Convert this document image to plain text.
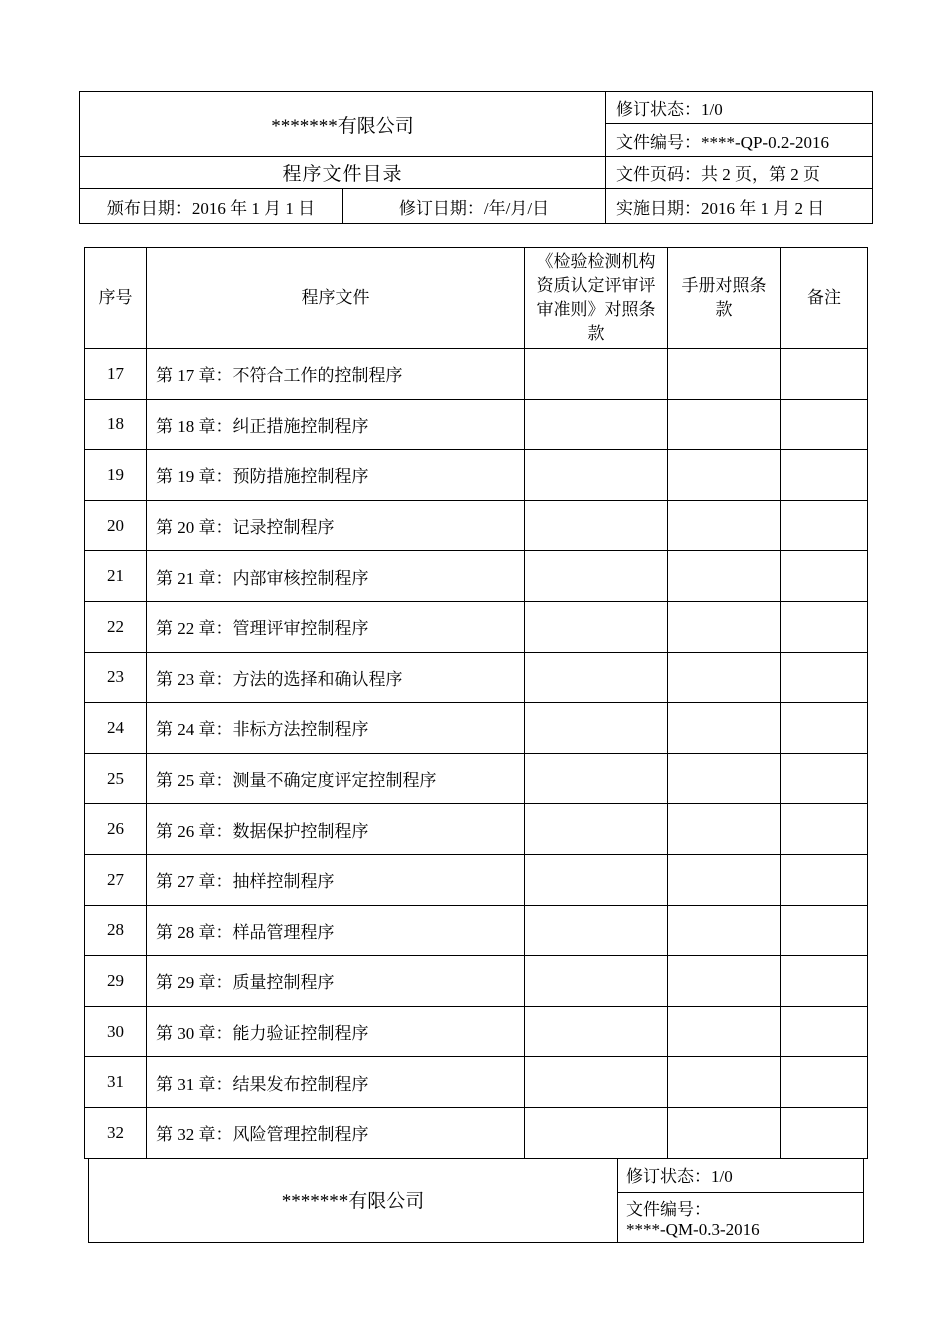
*******有限公司		修订状态：1/0
		文件编号：****-QP-0.2-2016
程序文件目录		文件页码：共 2 页，第 2 页
颁布日期：2016 年 1 月 1 日	修订日期：/年/月/日	实施日期：2016 年 1 月 2 日
序号	程序文件	《检验检测机构资质认定评审评审准则》对照条款	手册对照条款	备注
17	第 17 章：不符合工作的控制程序			
18	第 18 章：纠正措施控制程序			
19	第 19 章：预防措施控制程序			
20	第 20 章：记录控制程序			
21	第 21 章：内部审核控制程序			
22	第 22 章：管理评审控制程序			
23	第 23 章：方法的选择和确认程序			
24	第 24 章：非标方法控制程序			
25	第 25 章：测量不确定度评定控制程序			
26	第 26 章：数据保护控制程序			
27	第 27 章：抽样控制程序			
28	第 28 章：样品管理程序			
29	第 29 章：质量控制程序			
30	第 30 章：能力验证控制程序			
31	第 31 章：结果发布控制程序			
32	第 32 章：风险管理控制程序			
*******有限公司	修订状态：1/0

文件编号：
****-QM-0.3-2016
